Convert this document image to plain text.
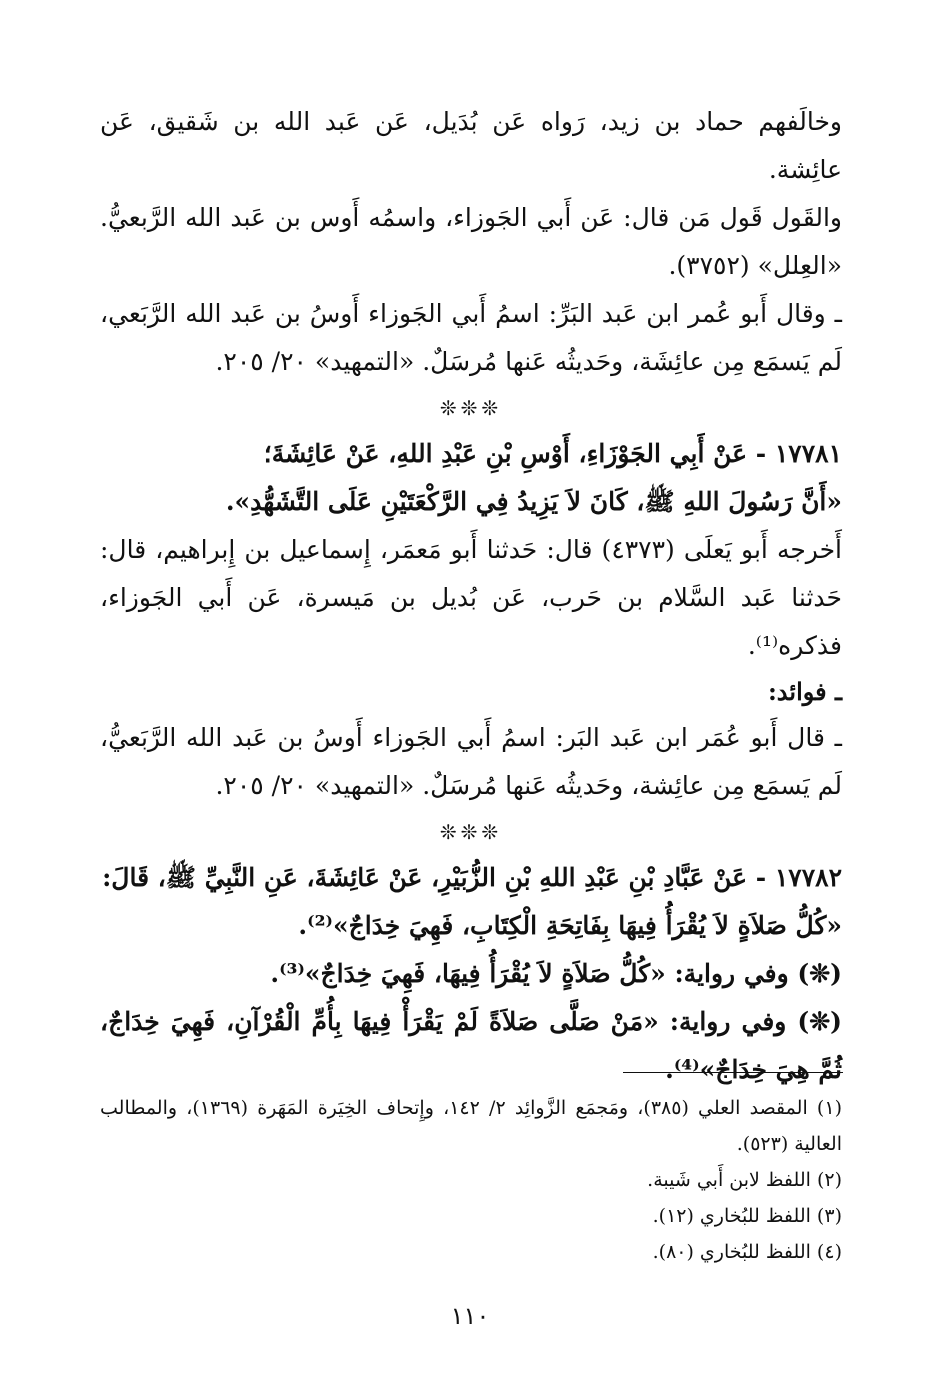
وخالَفهم حماد بن زيد، رَواه عَن بُدَيل، عَن عَبد الله بن شَقيق، عَن عائِشة.

والقَول قَول مَن قال: عَن أَبي الجَوزاء، واسمُه أَوس بن عَبد الله الرَّبعيُّ. «العِلل» (٣٧٥٢).

ـ وقال أَبو عُمر ابن عَبد البَرِّ: اسمُ أَبي الجَوزاء أَوسُ بن عَبد الله الرَّبَعي، لَم يَسمَع مِن عائِشَة، وحَديثُه عَنها مُرسَلٌ. «التمهيد» ٢٠/ ٢٠٥.

❊❊❊

١٧٧٨١ - عَنْ أَبِي الجَوْزَاءِ، أَوْسِ بْنِ عَبْدِ اللهِ، عَنْ عَائِشَةَ؛

«أَنَّ رَسُولَ اللهِ ﷺ، كَانَ لاَ يَزِيدُ فِي الرَّكْعَتَيْنِ عَلَى التَّشَهُّدِ».

أَخرجه أَبو يَعلَى (٤٣٧٣) قال: حَدثنا أَبو مَعمَر، إِسماعيل بن إِبراهيم، قال: حَدثنا عَبد السَّلام بن حَرب، عَن بُديل بن مَيسرة، عَن أَبي الجَوزاء، فذكره⁽¹⁾.

ـ فوائد:

ـ قال أَبو عُمَر ابن عَبد البَر: اسمُ أَبي الجَوزاء أَوسُ بن عَبد الله الرَّبَعيُّ، لَم يَسمَع مِن عائِشة، وحَديثُه عَنها مُرسَلٌ. «التمهيد» ٢٠/ ٢٠٥.

❊❊❊

١٧٧٨٢ - عَنْ عَبَّادِ بْنِ عَبْدِ اللهِ بْنِ الزُّبَيْرِ، عَنْ عَائِشَةَ، عَنِ النَّبِيِّ ﷺ، قَالَ:

«كُلُّ صَلاَةٍ لاَ يُقْرَأُ فِيهَا بِفَاتِحَةِ الْكِتَابِ، فَهِيَ خِدَاجٌ»⁽²⁾.

(❊) وفي رواية: «كُلُّ صَلاَةٍ لاَ يُقْرَأُ فِيهَا، فَهِيَ خِدَاجٌ»⁽³⁾.

(❊) وفي رواية: «مَنْ صَلَّى صَلاَةً لَمْ يَقْرَأْ فِيهَا بِأُمِّ الْقُرْآنِ، فَهِيَ خِدَاجٌ، ثُمَّ هِيَ خِدَاجٌ»⁽⁴⁾.

(١) المقصد العلي (٣٨٥)، ومَجمَع الزَّوائِد ٢/ ١٤٢، وإِتحاف الخِيَرة المَهَرة (١٣٦٩)، والمطالب العالية (٥٢٣).

(٢) اللفظ لابن أَبي شَيبة.

(٣) اللفظ للبُخاري (١٢).

(٤) اللفظ للبُخاري (٨٠).

١١٠
